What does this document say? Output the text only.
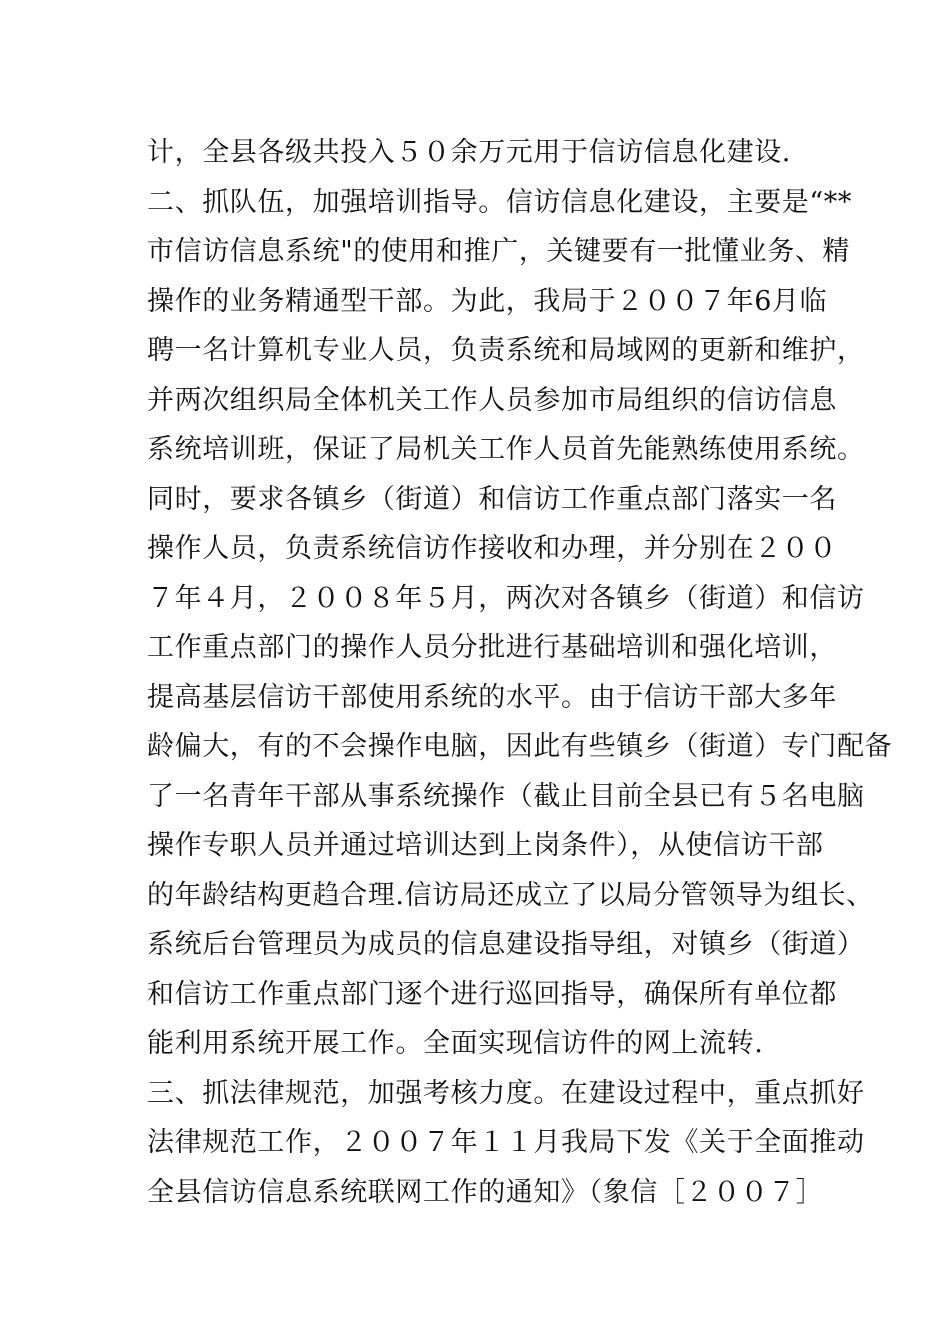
计，全县各级共投入５０余万元用于信访信息化建设.
二、抓队伍，加强培训指导。信访信息化建设，主要是“**
市信访信息系统"的使用和推广，关键要有一批懂业务、精
操作的业务精通型干部。为此，我局于２００７年6月临
聘一名计算机专业人员，负责系统和局域网的更新和维护，
并两次组织局全体机关工作人员参加市局组织的信访信息
系统培训班，保证了局机关工作人员首先能熟练使用系统。
同时，要求各镇乡（街道）和信访工作重点部门落实一名
操作人员，负责系统信访作接收和办理，并分别在２００
７年４月，２００８年５月，两次对各镇乡（街道）和信访
工作重点部门的操作人员分批进行基础培训和强化培训，
提高基层信访干部使用系统的水平。由于信访干部大多年
龄偏大，有的不会操作电脑，因此有些镇乡（街道）专门配备
了一名青年干部从事系统操作（截止目前全县已有５名电脑
操作专职人员并通过培训达到上岗条件），从使信访干部
的年龄结构更趋合理.信访局还成立了以局分管领导为组长、
系统后台管理员为成员的信息建设指导组，对镇乡（街道）
和信访工作重点部门逐个进行巡回指导，确保所有单位都
能利用系统开展工作。全面实现信访件的网上流转.
三、抓法律规范，加强考核力度。在建设过程中，重点抓好
法律规范工作，２００７年１１月我局下发《关于全面推动
全县信访信息系统联网工作的通知》（象信［２００７］
